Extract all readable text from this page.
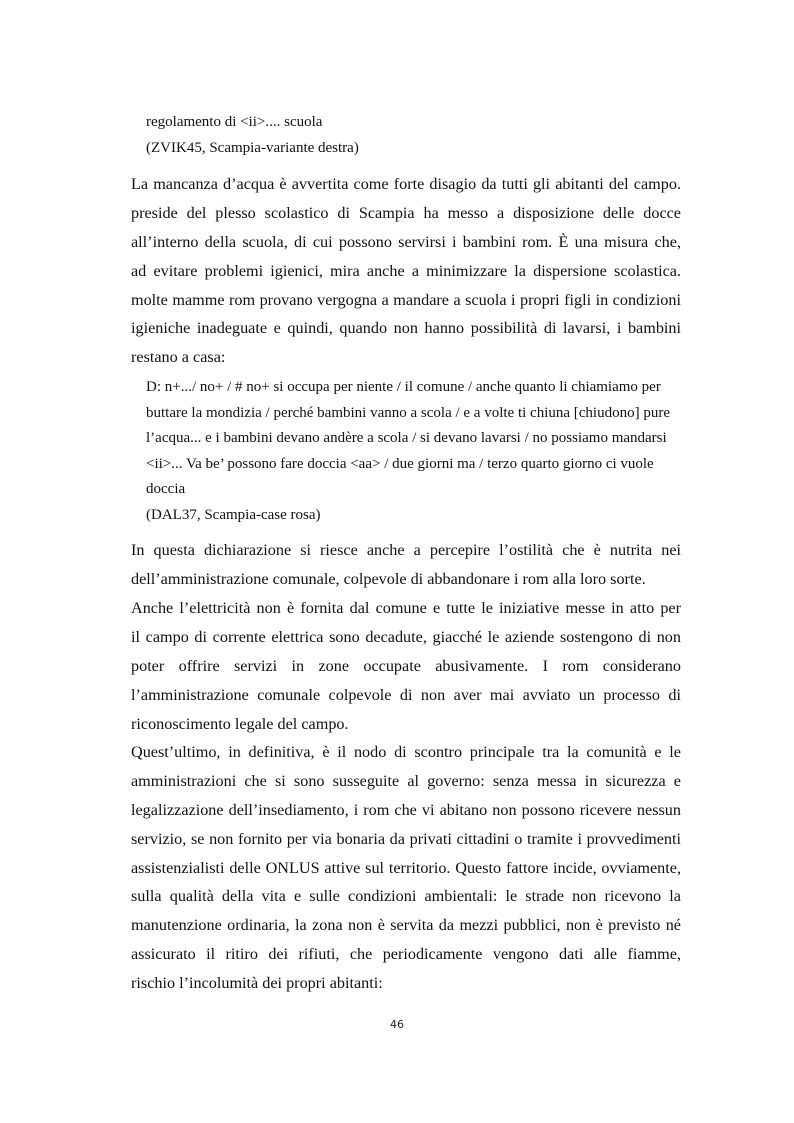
regolamento di <ii>.... scuola
(ZVIK45, Scampia-variante destra)
La mancanza d’acqua è avvertita come forte disagio da tutti gli abitanti del campo.
preside del plesso scolastico di Scampia ha messo a disposizione delle docce
all’interno della scuola, di cui possono servirsi i bambini rom. È una misura che,
ad evitare problemi igienici, mira anche a minimizzare la dispersione scolastica.
molte mamme rom provano vergogna a mandare a scuola i propri figli in condizioni
igieniche inadeguate e quindi, quando non hanno possibilità di lavarsi, i bambini
restano a casa:
D: n+.../ no+ / # no+ si occupa per niente / il comune / anche quanto li chiamiamo per
buttare la mondizia / perché bambini vanno a scola / e a volte ti chiuna [chiudono] pure
l’acqua... e i bambini devano andère a scola / si devano lavarsi / no possiamo mandarsi
<ii>... Va be’ possono fare doccia <aa> / due giorni ma / terzo quarto giorno ci vuole
doccia
(DAL37, Scampia-case rosa)
In questa dichiarazione si riesce anche a percepire l’ostilità che è nutrita nei
dell’amministrazione comunale, colpevole di abbandonare i rom alla loro sorte.
Anche l’elettricità non è fornita dal comune e tutte le iniziative messe in atto per
il campo di corrente elettrica sono decadute, giacché le aziende sostengono di non
poter offrire servizi in zone occupate abusivamente. I rom considerano
l’amministrazione comunale colpevole di non aver mai avviato un processo di
riconoscimento legale del campo.
Quest’ultimo, in definitiva, è il nodo di scontro principale tra la comunità e le
amministrazioni che si sono susseguite al governo: senza messa in sicurezza e
legalizzazione dell’insediamento, i rom che vi abitano non possono ricevere nessun
servizio, se non fornito per via bonaria da privati cittadini o tramite i provvedimenti
assistenzialisti delle ONLUS attive sul territorio. Questo fattore incide, ovviamente,
sulla qualità della vita e sulle condizioni ambientali: le strade non ricevono la
manutenzione ordinaria, la zona non è servita da mezzi pubblici, non è previsto né
assicurato il ritiro dei rifiuti, che periodicamente vengono dati alle fiamme,
rischio l’incolumità dei propri abitanti:
46
